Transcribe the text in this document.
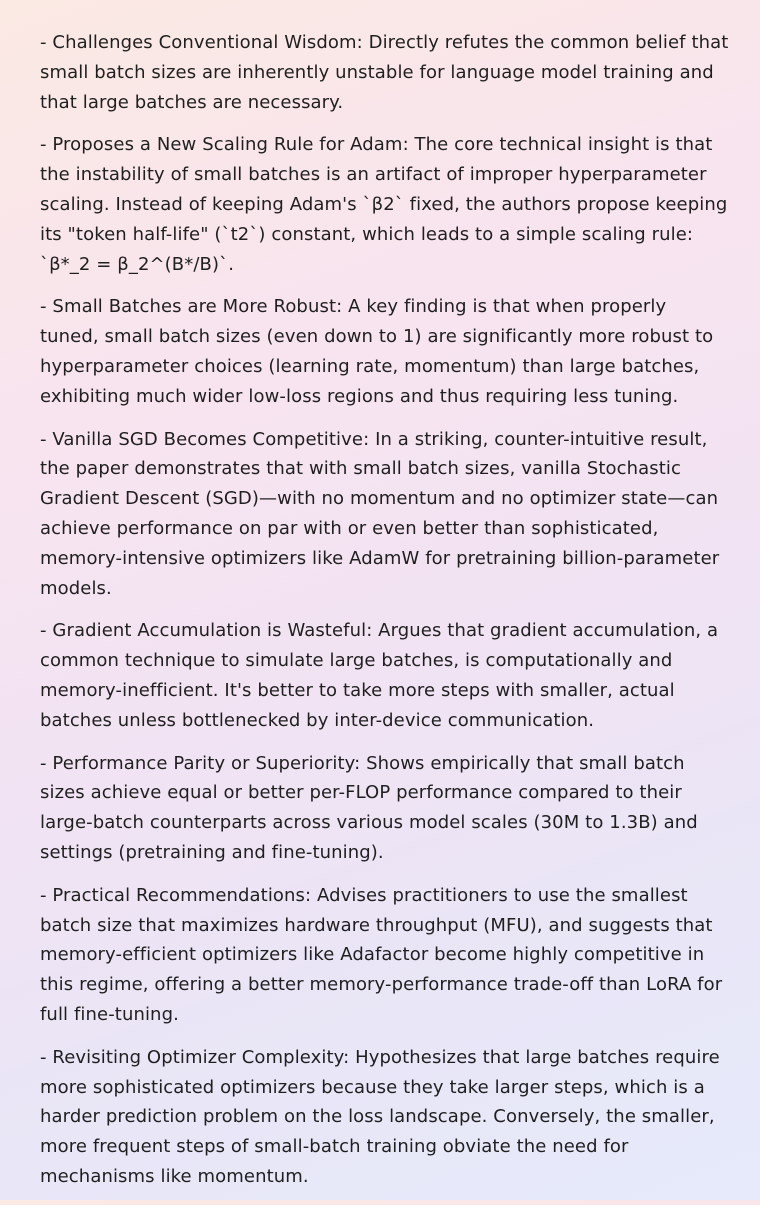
- Challenges Conventional Wisdom: Directly refutes the common belief that small batch sizes are inherently unstable for language model training and that large batches are necessary.

- Proposes a New Scaling Rule for Adam: The core technical insight is that the instability of small batches is an artifact of improper hyperparameter scaling. Instead of keeping Adam's `β2` fixed, the authors propose keeping its "token half-life" (`t2`) constant, which leads to a simple scaling rule: `β*_2 = β_2^(B*/B)`.

- Small Batches are More Robust: A key finding is that when properly tuned, small batch sizes (even down to 1) are significantly more robust to hyperparameter choices (learning rate, momentum) than large batches, exhibiting much wider low-loss regions and thus requiring less tuning.

- Vanilla SGD Becomes Competitive: In a striking, counter-intuitive result, the paper demonstrates that with small batch sizes, vanilla Stochastic Gradient Descent (SGD)—with no momentum and no optimizer state—can achieve performance on par with or even better than sophisticated, memory-intensive optimizers like AdamW for pretraining billion-parameter models.

- Gradient Accumulation is Wasteful: Argues that gradient accumulation, a common technique to simulate large batches, is computationally and memory-inefficient. It's better to take more steps with smaller, actual batches unless bottlenecked by inter-device communication.

- Performance Parity or Superiority: Shows empirically that small batch sizes achieve equal or better per-FLOP performance compared to their large-batch counterparts across various model scales (30M to 1.3B) and settings (pretraining and fine-tuning).

- Practical Recommendations: Advises practitioners to use the smallest batch size that maximizes hardware throughput (MFU), and suggests that memory-efficient optimizers like Adafactor become highly competitive in this regime, offering a better memory-performance trade-off than LoRA for full fine-tuning.

- Revisiting Optimizer Complexity: Hypothesizes that large batches require more sophisticated optimizers because they take larger steps, which is a harder prediction problem on the loss landscape. Conversely, the smaller, more frequent steps of small-batch training obviate the need for mechanisms like momentum.
